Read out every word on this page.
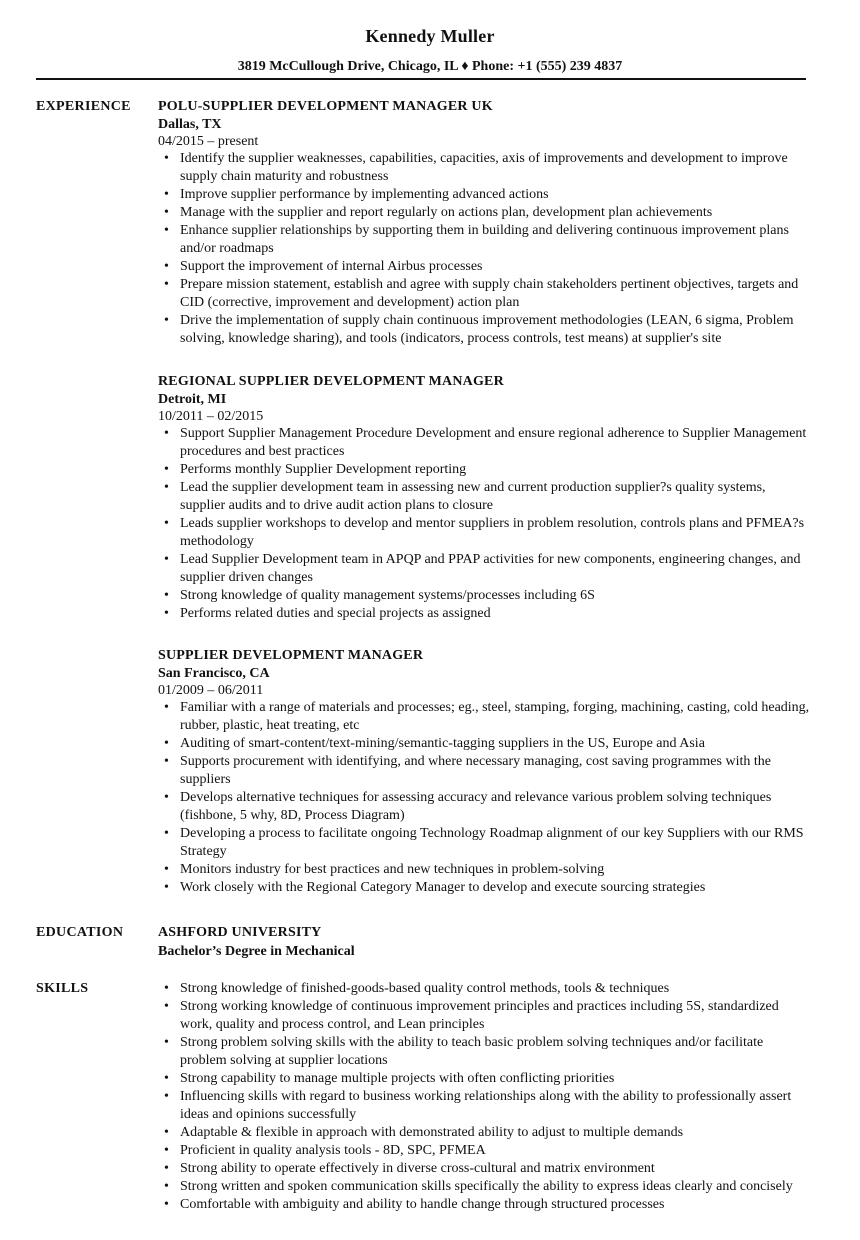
Kennedy Muller
3819 McCullough Drive, Chicago, IL ♦ Phone: +1 (555) 239 4837
EXPERIENCE POLU-SUPPLIER DEVELOPMENT MANAGER UK
Dallas, TX
04/2015 – present
• Identify the supplier weaknesses, capabilities, capacities, axis of improvements and development to improve supply chain maturity and robustness
• Improve supplier performance by implementing advanced actions
• Manage with the supplier and report regularly on actions plan, development plan achievements
• Enhance supplier relationships by supporting them in building and delivering continuous improvement plans and/or roadmaps
• Support the improvement of internal Airbus processes
• Prepare mission statement, establish and agree with supply chain stakeholders pertinent objectives, targets and CID (corrective, improvement and development) action plan
• Drive the implementation of supply chain continuous improvement methodologies (LEAN, 6 sigma, Problem solving, knowledge sharing), and tools (indicators, process controls, test means) at supplier's site
REGIONAL SUPPLIER DEVELOPMENT MANAGER
Detroit, MI
10/2011 – 02/2015
• Support Supplier Management Procedure Development and ensure regional adherence to Supplier Management procedures and best practices
• Performs monthly Supplier Development reporting
• Lead the supplier development team in assessing new and current production supplier?s quality systems, supplier audits and to drive audit action plans to closure
• Leads supplier workshops to develop and mentor suppliers in problem resolution, controls plans and PFMEA?s methodology
• Lead Supplier Development team in APQP and PPAP activities for new components, engineering changes, and supplier driven changes
• Strong knowledge of quality management systems/processes including 6S
• Performs related duties and special projects as assigned
SUPPLIER DEVELOPMENT MANAGER
San Francisco, CA
01/2009 – 06/2011
• Familiar with a range of materials and processes; eg., steel, stamping, forging, machining, casting, cold heading, rubber, plastic, heat treating, etc
• Auditing of smart-content/text-mining/semantic-tagging suppliers in the US, Europe and Asia
• Supports procurement with identifying, and where necessary managing, cost saving programmes with the suppliers
• Develops alternative techniques for assessing accuracy and relevance various problem solving techniques (fishbone, 5 why, 8D, Process Diagram)
• Developing a process to facilitate ongoing Technology Roadmap alignment of our key Suppliers with our RMS Strategy
• Monitors industry for best practices and new techniques in problem-solving
• Work closely with the Regional Category Manager to develop and execute sourcing strategies
EDUCATION ASHFORD UNIVERSITY
Bachelor’s Degree in Mechanical
SKILLS
•	Strong knowledge of finished-goods-based quality control methods, tools & techniques
• Strong working knowledge of continuous improvement principles and practices including 5S, standardized work, quality and process control, and Lean principles
• Strong problem solving skills with the ability to teach basic problem solving techniques and/or facilitate problem solving at supplier locations
• Strong capability to manage multiple projects with often conflicting priorities
• Influencing skills with regard to business working relationships along with the ability to professionally assert ideas and opinions successfully
• Adaptable & flexible in approach with demonstrated ability to adjust to multiple demands
• Proficient in quality analysis tools - 8D, SPC, PFMEA
• Strong ability to operate effectively in diverse cross-cultural and matrix environment
• Strong written and spoken communication skills specifically the ability to express ideas clearly and concisely
• Comfortable with ambiguity and ability to handle change through structured processes
